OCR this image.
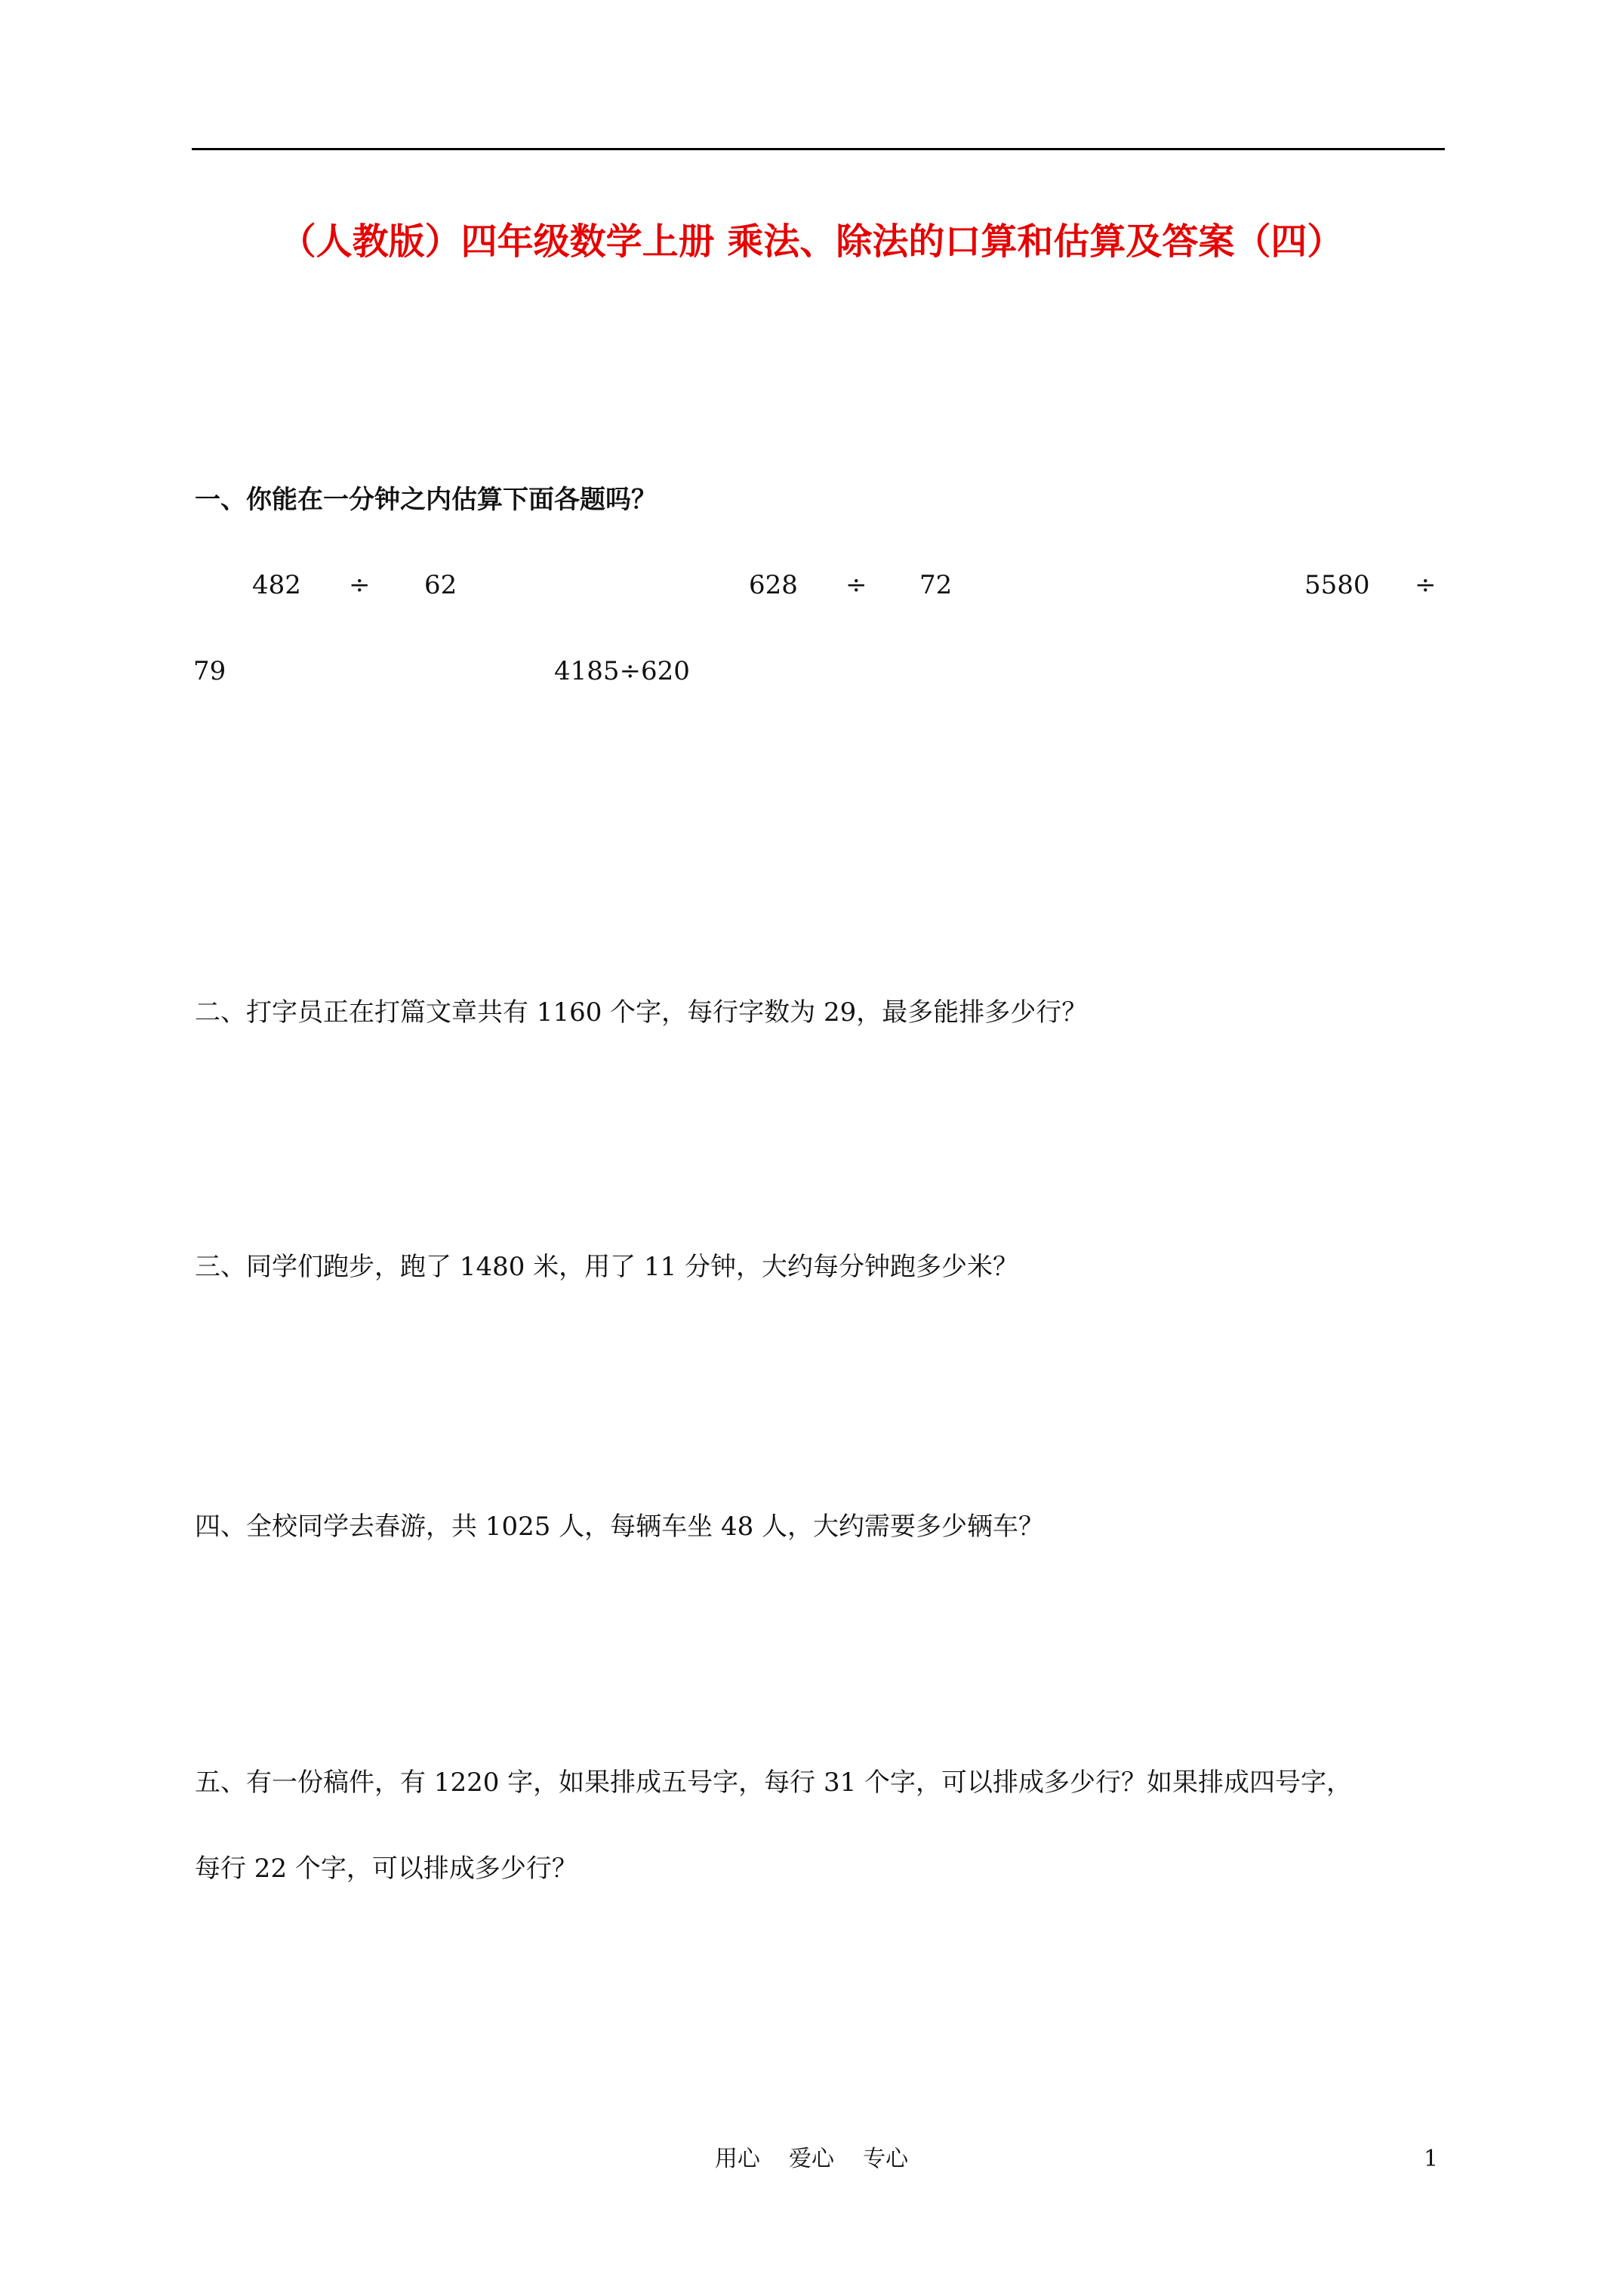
（人教版）四年级数学上册 乘法、除法的口算和估算及答案（四）
一、你能在一分钟之内估算下面各题吗？
482 ÷ 62	628 ÷ 72	5580 ÷
79	4185÷620
二、打字员正在打篇文章共有 1160 个字，每行字数为 29，最多能排多少行？
三、同学们跑步，跑了 1480 米，用了 11 分钟，大约每分钟跑多少米？
四、全校同学去春游，共 1025 人，每辆车坐 48 人，大约需要多少辆车？
五、有一份稿件，有 1220 字，如果排成五号字，每行 31 个字，可以排成多少行？如果排成四号字，
每行 22 个字，可以排成多少行？
用心    爱心    专心	1
